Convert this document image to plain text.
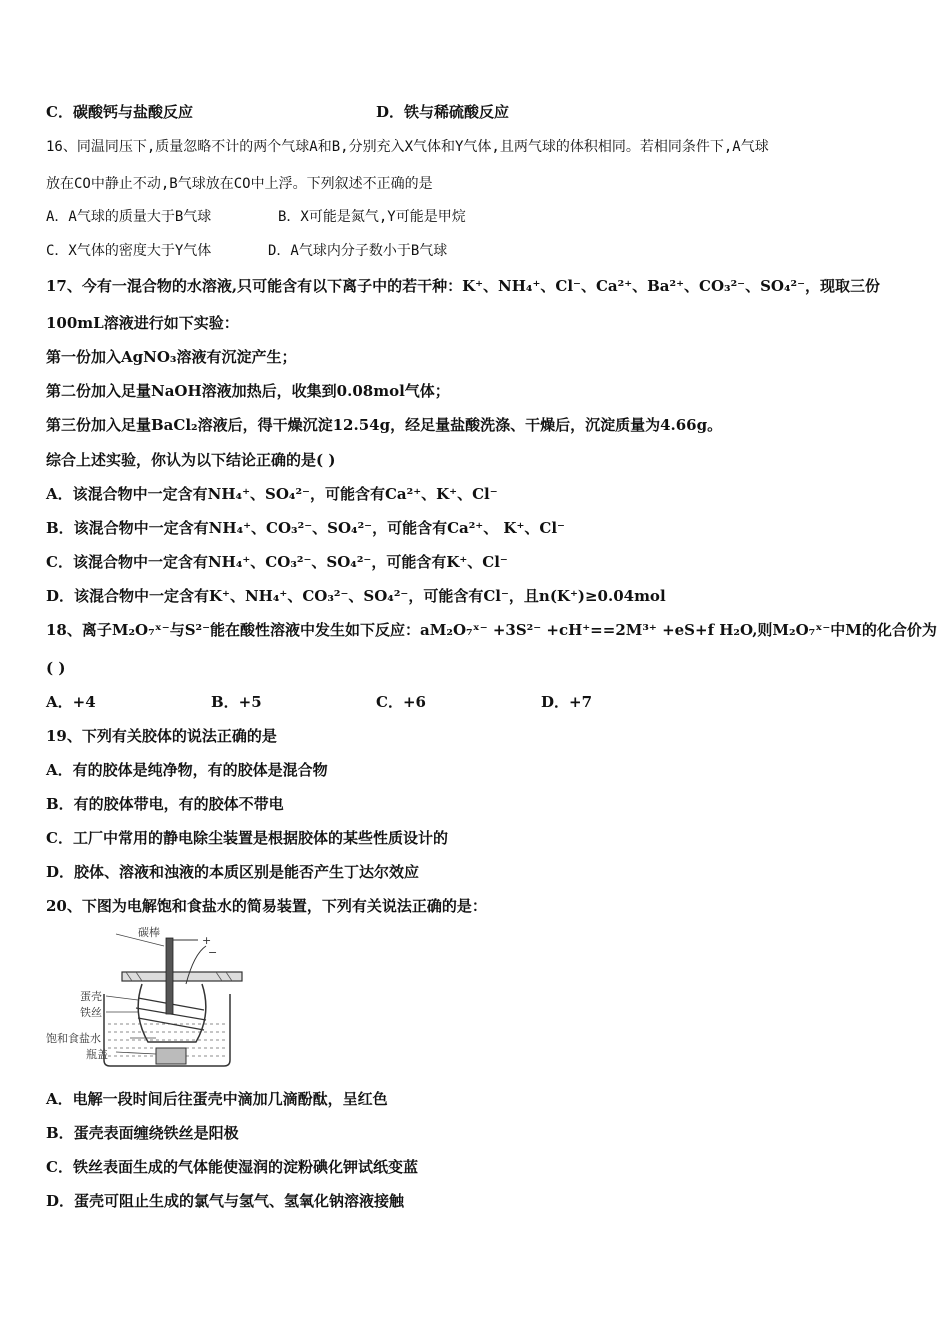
C．碳酸钙与盐酸反应	D．铁与稀硫酸反应
16、同温同压下,质量忽略不计的两个气球A和B,分别充入X气体和Y气体,且两气球的体积相同。若相同条件下,A气球
放在CO中静止不动,B气球放在CO中上浮。下列叙述不正确的是
A．A气球的质量大于B气球	B．X可能是氮气,Y可能是甲烷
C．X气体的密度大于Y气体	D．A气球内分子数小于B气球
17、今有一混合物的水溶液,只可能含有以下离子中的若干种：K⁺、NH₄⁺、Cl⁻、Ca²⁺、Ba²⁺、CO₃²⁻、SO₄²⁻，现取三份
100mL溶液进行如下实验：
第一份加入AgNO₃溶液有沉淀产生；
第二份加入足量NaOH溶液加热后，收集到0.08mol气体；
第三份加入足量BaCl₂溶液后，得干燥沉淀12.54g，经足量盐酸洗涤、干燥后，沉淀质量为4.66g。
综合上述实验，你认为以下结论正确的是( )
A．该混合物中一定含有NH₄⁺、SO₄²⁻，可能含有Ca²⁺、K⁺、Cl⁻
B．该混合物中一定含有NH₄⁺、CO₃²⁻、SO₄²⁻，可能含有Ca²⁺、 K⁺、Cl⁻
C．该混合物中一定含有NH₄⁺、CO₃²⁻、SO₄²⁻，可能含有K⁺、Cl⁻
D．该混合物中一定含有K⁺、NH₄⁺、CO₃²⁻、SO₄²⁻，可能含有Cl⁻，且n(K⁺)≥0.04mol
18、离子M₂O₇ˣ⁻与S²⁻能在酸性溶液中发生如下反应：aM₂O₇ˣ⁻ +3S²⁻ +cH⁺==2M³⁺ +eS+f H₂O,则M₂O₇ˣ⁻中M的化合价为
( )
A．+4	B．+5	C．+6	D．+7
19、下列有关胶体的说法正确的是
A．有的胶体是纯净物，有的胶体是混合物
B．有的胶体带电，有的胶体不带电
C．工厂中常用的静电除尘装置是根据胶体的某些性质设计的
D．胶体、溶液和浊液的本质区别是能否产生丁达尔效应
20、下图为电解饱和食盐水的简易装置，下列有关说法正确的是：
碳棒
+
−
蛋壳
铁丝
饱和食盐水
瓶盖
A．电解一段时间后往蛋壳中滴加几滴酚酞，呈红色
B．蛋壳表面缠绕铁丝是阳极
C．铁丝表面生成的气体能使湿润的淀粉碘化钾试纸变蓝
D．蛋壳可阻止生成的氯气与氢气、氢氧化钠溶液接触
